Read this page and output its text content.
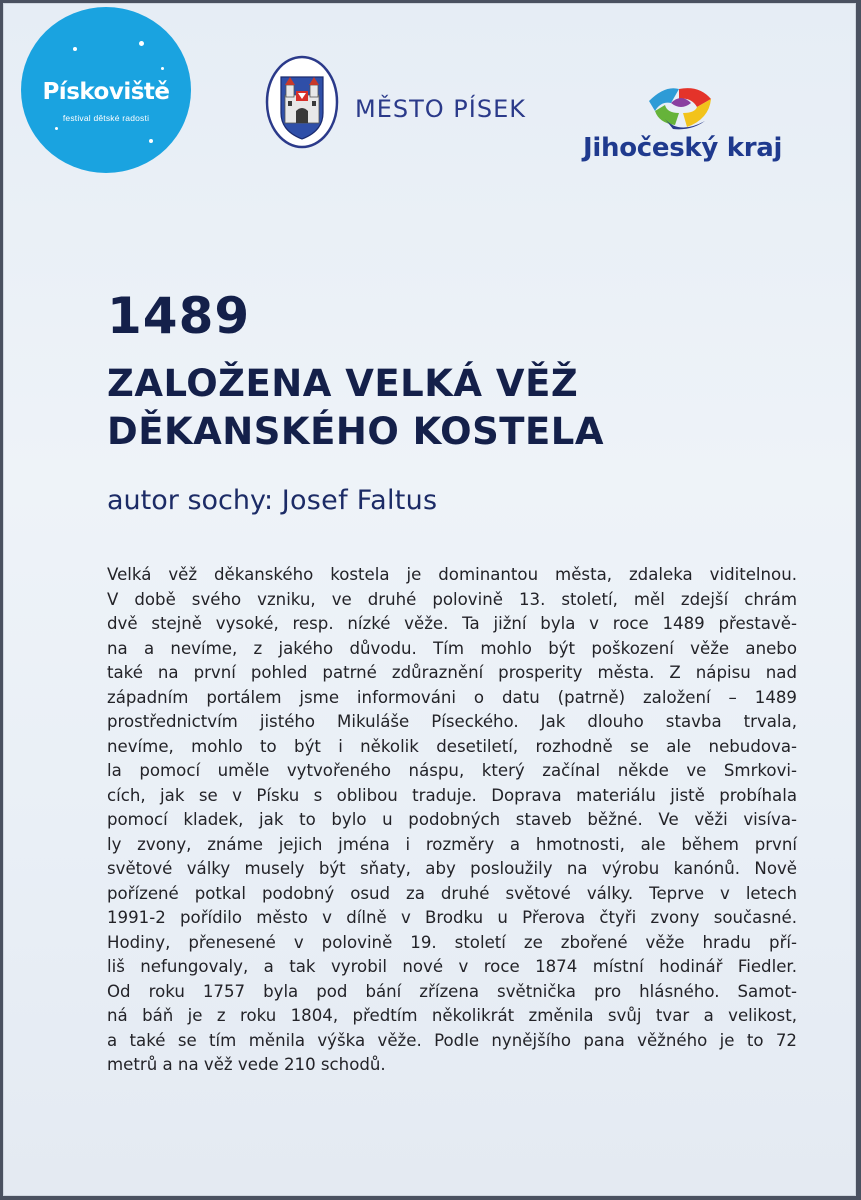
Pískoviště
festival dětské radosti	MĚSTO PÍSEK
Jihočeský kraj
1489
ZALOŽENA VELKÁ VĚŽ
DĚKANSKÉHO KOSTELA
autor sochy: Josef Faltus
Velká věž děkanského kostela je dominantou města, zdaleka viditelnou.
V době svého vzniku, ve druhé polovině 13. století, měl zdejší chrám
dvě stejně vysoké, resp. nízké věže. Ta jižní byla v roce 1489 přestavě-
na a nevíme, z jakého důvodu. Tím mohlo být poškození věže anebo
také na první pohled patrné zdůraznění prosperity města. Z nápisu nad
západním portálem jsme informováni o datu (patrně) založení – 1489
prostřednictvím jistého Mikuláše Píseckého. Jak dlouho stavba trvala,
nevíme, mohlo to být i několik desetiletí, rozhodně se ale nebudova-
la pomocí uměle vytvořeného náspu, který začínal někde ve Smrkovi-
cích, jak se v Písku s oblibou traduje. Doprava materiálu jistě probíhala
pomocí kladek, jak to bylo u podobných staveb běžné. Ve věži visíva-
ly zvony, známe jejich jména i rozměry a hmotnosti, ale během první
světové války musely být sňaty, aby posloužily na výrobu kanónů. Nově
pořízené potkal podobný osud za druhé světové války. Teprve v letech
1991-2 pořídilo město v dílně v Brodku u Přerova čtyři zvony současné.
Hodiny, přenesené v polovině 19. století ze zbořené věže hradu pří-
liš nefungovaly, a tak vyrobil nové v roce 1874 místní hodinář Fiedler.
Od roku 1757 byla pod bání zřízena světnička pro hlásného. Samot-
ná báň je z roku 1804, předtím několikrát změnila svůj tvar a velikost,
a také se tím měnila výška věže. Podle nynějšího pana věžného je to 72
metrů a na věž vede 210 schodů.
